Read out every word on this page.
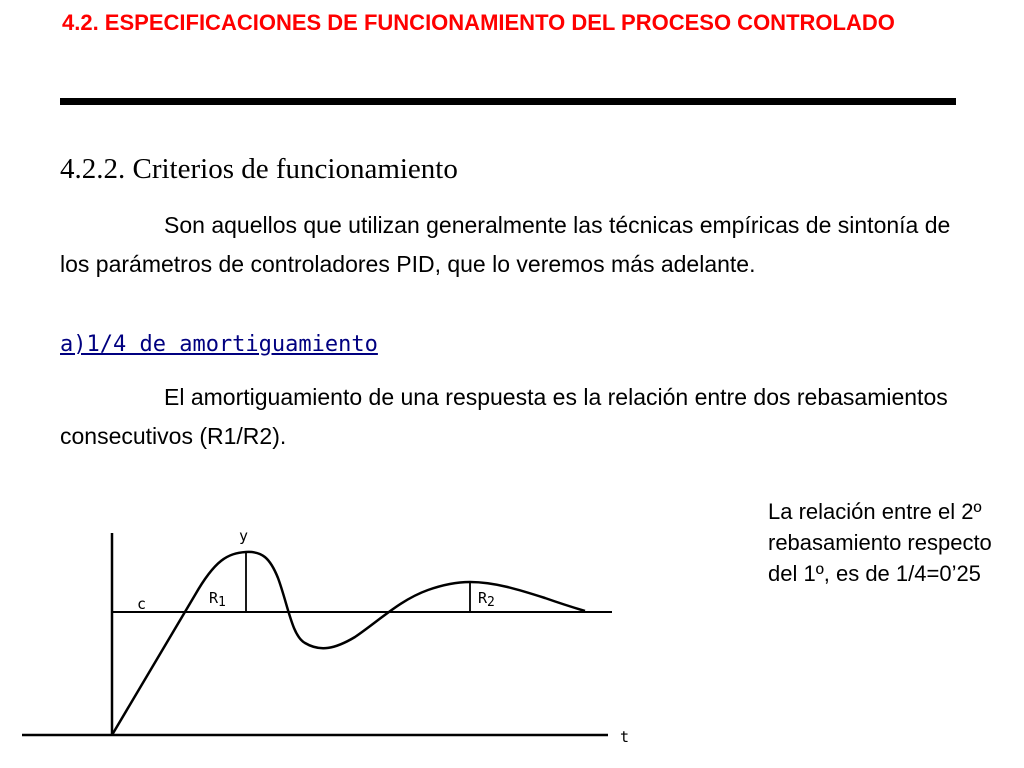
4.2. ESPECIFICACIONES DE FUNCIONAMIENTO DEL PROCESO CONTROLADO
4.2.2. Criterios de funcionamiento

Son aquellos que utilizan generalmente las técnicas empíricas de sintonía de los parámetros de controladores PID, que lo veremos más adelante.

a)1/4 de amortiguamiento

El amortiguamiento de una respuesta es la relación entre dos rebasamientos consecutivos (R1/R2).

La relación entre el 2º rebasamiento respecto del 1º, es de 1/4=0’25

y
c	R1	R2
t
